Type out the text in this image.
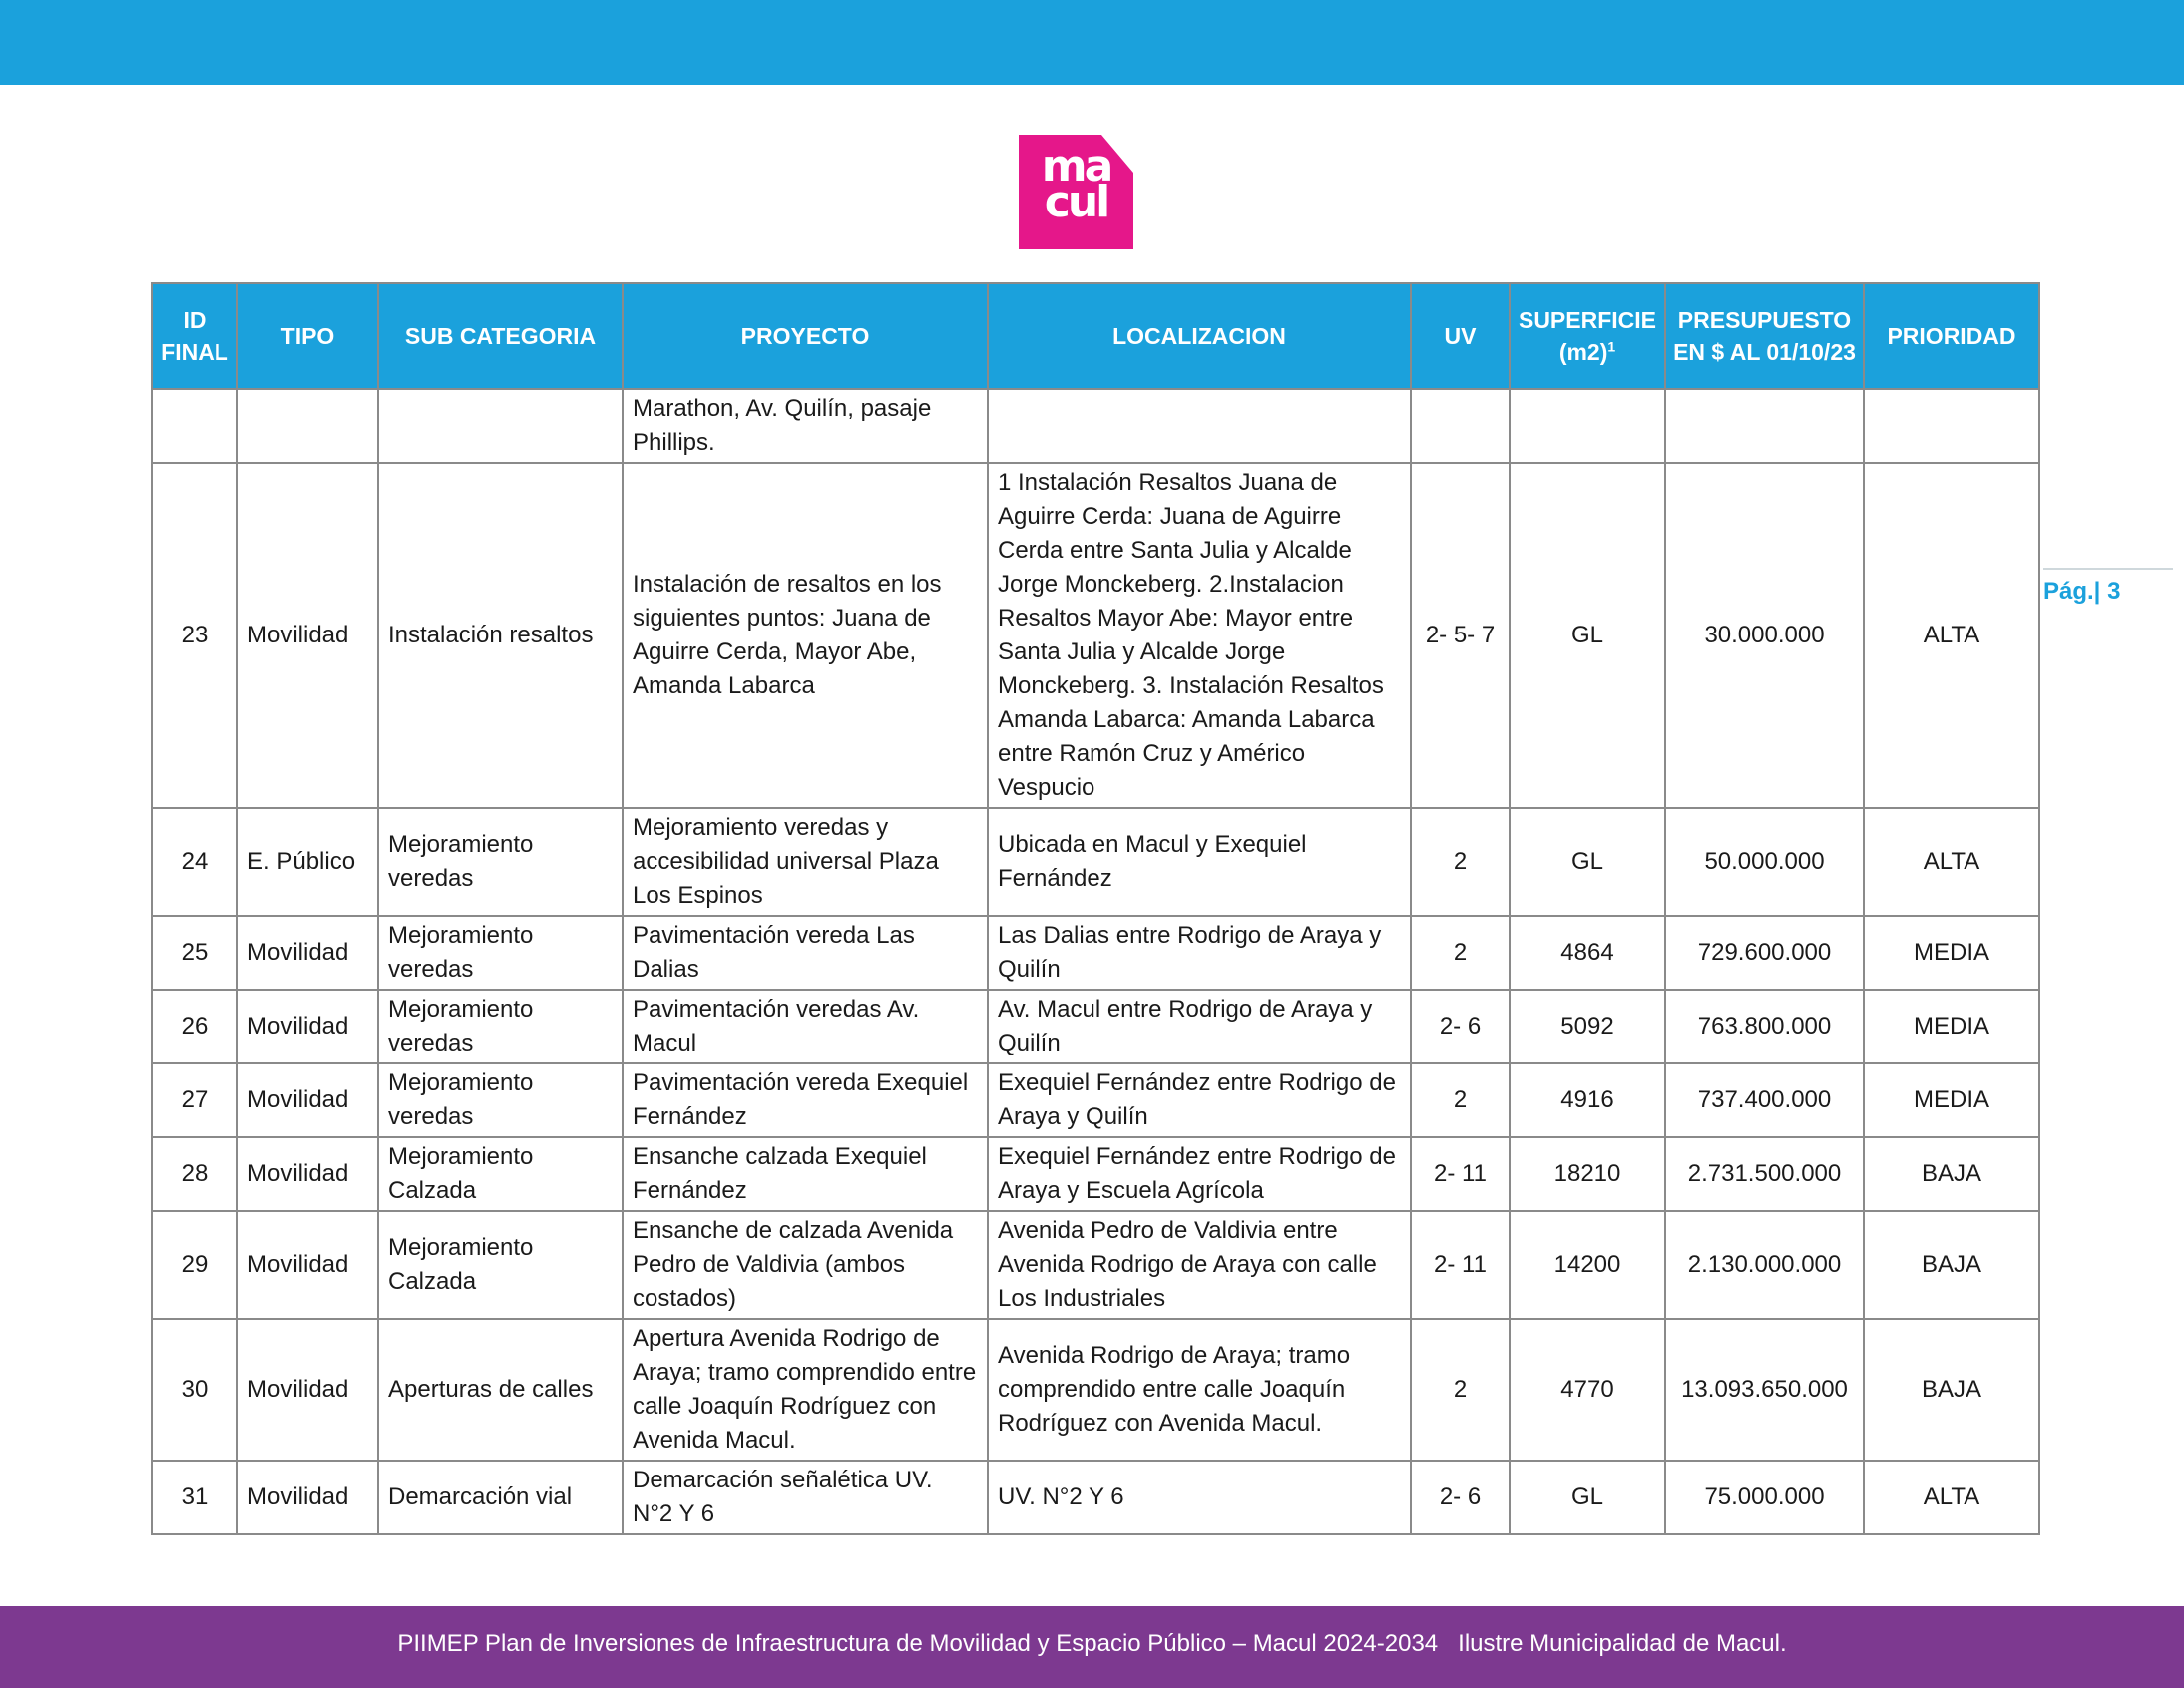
ma
cul
Pág.| 3
ID FINAL	TIPO	SUB CATEGORIA	PROYECTO	LOCALIZACION	UV	SUPERFICIE $(m2)^1$	PRESUPUESTO EN $ AL 01/10/23	PRIORIDAD
			Marathon, Av. Quilín, pasaje Phillips.					
23	Movilidad	Instalación resaltos	Instalación de resaltos en los siguientes puntos: Juana de Aguirre Cerda, Mayor Abe, Amanda Labarca	1 Instalación Resaltos Juana de Aguirre Cerda: Juana de Aguirre Cerda entre Santa Julia y Alcalde Jorge Monckeberg. 2.Instalacion Resaltos Mayor Abe: Mayor entre Santa Julia y Alcalde Jorge Monckeberg. 3. Instalación Resaltos Amanda Labarca: Amanda Labarca entre Ramón Cruz y Américo Vespucio	2- 5- 7	GL	30.000.000	ALTA
24	E. Público	Mejoramiento veredas	Mejoramiento veredas y accesibilidad universal Plaza Los Espinos	Ubicada en Macul y Exequiel Fernández	2	GL	50.000.000	ALTA
25	Movilidad	Mejoramiento veredas	Pavimentación vereda Las Dalias	Las Dalias entre Rodrigo de Araya y Quilín	2	4864	729.600.000	MEDIA
26	Movilidad	Mejoramiento veredas	Pavimentación veredas Av. Macul	Av. Macul entre Rodrigo de Araya y Quilín	2- 6	5092	763.800.000	MEDIA
27	Movilidad	Mejoramiento veredas	Pavimentación vereda Exequiel Fernández	Exequiel Fernández entre Rodrigo de Araya y Quilín	2	4916	737.400.000	MEDIA
28	Movilidad	Mejoramiento Calzada	Ensanche calzada Exequiel Fernández	Exequiel Fernández entre Rodrigo de Araya y Escuela Agrícola	2- 11	18210	2.731.500.000	BAJA
29	Movilidad	Mejoramiento Calzada	Ensanche de calzada Avenida Pedro de Valdivia (ambos costados)	Avenida Pedro de Valdivia entre Avenida Rodrigo de Araya con calle Los Industriales	2- 11	14200	2.130.000.000	BAJA
30	Movilidad	Aperturas de calles	Apertura Avenida Rodrigo de Araya; tramo comprendido entre calle Joaquín Rodríguez con Avenida Macul.	Avenida Rodrigo de Araya; tramo comprendido entre calle Joaquín Rodríguez con Avenida Macul.	2	4770	13.093.650.000	BAJA
31	Movilidad	Demarcación vial	Demarcación señalética UV. N°2 Y 6	UV. N°2 Y 6	2- 6	GL	75.000.000	ALTA
PIIMEP Plan de Inversiones de Infraestructura de Movilidad y Espacio Público – Macul 2024-2034   Ilustre Municipalidad de Macul.
